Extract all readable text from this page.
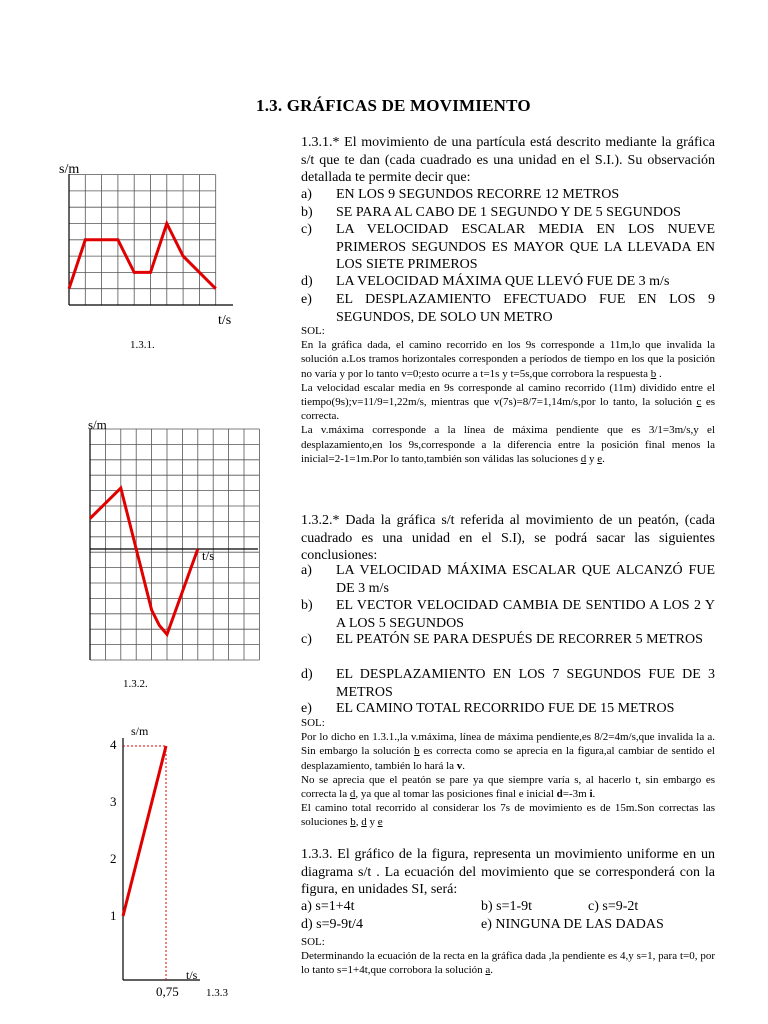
1.3. GRÁFICAS DE MOVIMIENTO
s/m
t/s
1.3.1.
s/m
t/s
1.3.2.
s/m
t/s
4
3
2
1
0,75 1.3.3
1.3.1.* El movimiento de una partícula está descrito mediante la gráfica s/t que te dan (cada cuadrado es una unidad en el S.I.). Su observación detallada te permite decir que:
a) EN LOS 9 SEGUNDOS RECORRE 12 METROS
b) SE PARA AL CABO DE 1 SEGUNDO Y DE 5 SEGUNDOS
c) LA VELOCIDAD ESCALAR MEDIA EN LOS NUEVE PRIMEROS SEGUNDOS ES MAYOR QUE LA LLEVADA EN LOS SIETE PRIMEROS
d) LA VELOCIDAD MÁXIMA QUE LLEVÓ FUE DE 3 m/s
e) EL DESPLAZAMIENTO EFECTUADO FUE EN LOS 9 SEGUNDOS, DE SOLO UN METRO
SOL:
En la gráfica dada, el camino recorrido en los 9s corresponde a 11m,lo que invalida la solución a.Los tramos horizontales corresponden a períodos de tiempo en los que la posición no varía y por lo tanto v=0;esto ocurre a t=1s y t=5s,que corrobora la respuesta b .
La velocidad escalar media en 9s corresponde al camino recorrido (11m) dividido entre el tiempo(9s);v=11/9=1,22m/s, mientras que v(7s)=8/7=1,14m/s,por lo tanto, la solución c es correcta.
La v.máxima corresponde a la línea de máxima pendiente que es 3/1=3m/s,y el desplazamiento,en los 9s,corresponde a la diferencia entre la posición final menos la inicial=2-1=1m.Por lo tanto,también son válidas las soluciones d y e.
1.3.2.* Dada la gráfica s/t referida al movimiento de un peatón, (cada cuadrado es una unidad en el S.I), se podrá sacar las siguientes conclusiones:
a) LA VELOCIDAD MÁXIMA ESCALAR QUE ALCANZÓ FUE DE 3 m/s
b) EL VECTOR VELOCIDAD CAMBIA DE SENTIDO A LOS 2 Y A LOS 5 SEGUNDOS
c) EL PEATÓN SE PARA DESPUÉS DE RECORRER 5 METROS
d) EL DESPLAZAMIENTO EN LOS 7 SEGUNDOS FUE DE 3 METROS
e) EL CAMINO TOTAL RECORRIDO FUE DE 15 METROS
SOL:
Por lo dicho en 1.3.1.,la v.máxima, línea de máxima pendiente,es 8/2=4m/s,que invalida la a. Sin embargo la solución b es correcta como se aprecia en la figura,al cambiar de sentido el desplazamiento, también lo hará la v.
No se aprecia que el peatón se pare ya que siempre varía s, al hacerlo t, sin embargo es correcta la d, ya que al tomar las posiciones final e inicial d=-3m i.
El camino total recorrido al considerar los 7s de movimiento es de 15m.Son correctas las soluciones b, d y e
1.3.3. El gráfico de la figura, representa un movimiento uniforme en un diagrama s/t . La ecuación del movimiento que se corresponderá con la figura, en unidades SI, será:
a) s=1+4t	b) s=1-9t	c) s=9-2t
d) s=9-9t/4	e) NINGUNA DE LAS DADAS
SOL:
Determinando la ecuación de la recta en la gráfica dada ,la pendiente es 4,y s=1, para t=0, por lo tanto s=1+4t,que corrobora la solución a.
